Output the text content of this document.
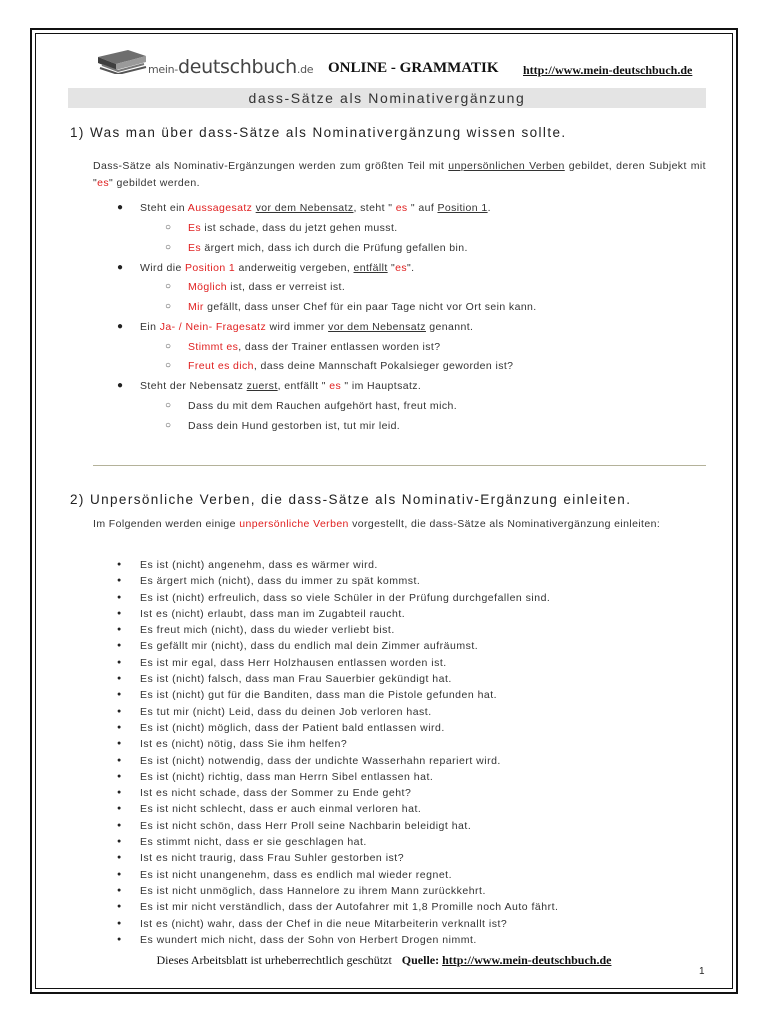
mein-deutschbuch.de ONLINE - GRAMMATIK http://www.mein-deutschbuch.de
dass-Sätze als Nominativergänzung
1) Was man über dass-Sätze als Nominativergänzung wissen sollte.
Dass-Sätze als Nominativ-Ergänzungen werden zum größten Teil mit unpersönlichen Verben gebildet, deren Subjekt mit "es" gebildet werden.
● Steht ein Aussagesatz vor dem Nebensatz, steht " es " auf Position 1.
○ Es ist schade, dass du jetzt gehen musst.
○ Es ärgert mich, dass ich durch die Prüfung gefallen bin.
● Wird die Position 1 anderweitig vergeben, entfällt "es".
○ Möglich ist, dass er verreist ist.
○ Mir gefällt, dass unser Chef für ein paar Tage nicht vor Ort sein kann.
● Ein Ja- / Nein- Fragesatz wird immer vor dem Nebensatz genannt.
○ Stimmt es, dass der Trainer entlassen worden ist?
○ Freut es dich, dass deine Mannschaft Pokalsieger geworden ist?
● Steht der Nebensatz zuerst, entfällt " es " im Hauptsatz.
○ Dass du mit dem Rauchen aufgehört hast, freut mich.
○ Dass dein Hund gestorben ist, tut mir leid.
2) Unpersönliche Verben, die dass-Sätze als Nominativ-Ergänzung einleiten.
Im Folgenden werden einige unpersönliche Verben vorgestellt, die dass-Sätze als Nominativergänzung einleiten:
● Es ist (nicht) angenehm, dass es wärmer wird.
● Es ärgert mich (nicht), dass du immer zu spät kommst.
● Es ist (nicht) erfreulich, dass so viele Schüler in der Prüfung durchgefallen sind.
● Ist es (nicht) erlaubt, dass man im Zugabteil raucht.
● Es freut mich (nicht), dass du wieder verliebt bist.
● Es gefällt mir (nicht), dass du endlich mal dein Zimmer aufräumst.
● Es ist mir egal, dass Herr Holzhausen entlassen worden ist.
● Es ist (nicht) falsch, dass man Frau Sauerbier gekündigt hat.
● Es ist (nicht) gut für die Banditen, dass man die Pistole gefunden hat.
● Es tut mir (nicht) Leid, dass du deinen Job verloren hast.
● Es ist (nicht) möglich, dass der Patient bald entlassen wird.
● Ist es (nicht) nötig, dass Sie ihm helfen?
● Es ist (nicht) notwendig, dass der undichte Wasserhahn repariert wird.
● Es ist (nicht) richtig, dass man Herrn Sibel entlassen hat.
● Ist es nicht schade, dass der Sommer zu Ende geht?
● Es ist nicht schlecht, dass er auch einmal verloren hat.
● Es ist nicht schön, dass Herr Proll seine Nachbarin beleidigt hat.
● Es stimmt nicht, dass er sie geschlagen hat.
● Ist es nicht traurig, dass Frau Suhler gestorben ist?
● Es ist nicht unangenehm, dass es endlich mal wieder regnet.
● Es ist nicht unmöglich, dass Hannelore zu ihrem Mann zurückkehrt.
● Es ist mir nicht verständlich, dass der Autofahrer mit 1,8 Promille noch Auto fährt.
● Ist es (nicht) wahr, dass der Chef in die neue Mitarbeiterin verknallt ist?
● Es wundert mich nicht, dass der Sohn von Herbert Drogen nimmt.
Dieses Arbeitsblatt ist urheberrechtlich geschützt Quelle: http://www.mein-deutschbuch.de
1
